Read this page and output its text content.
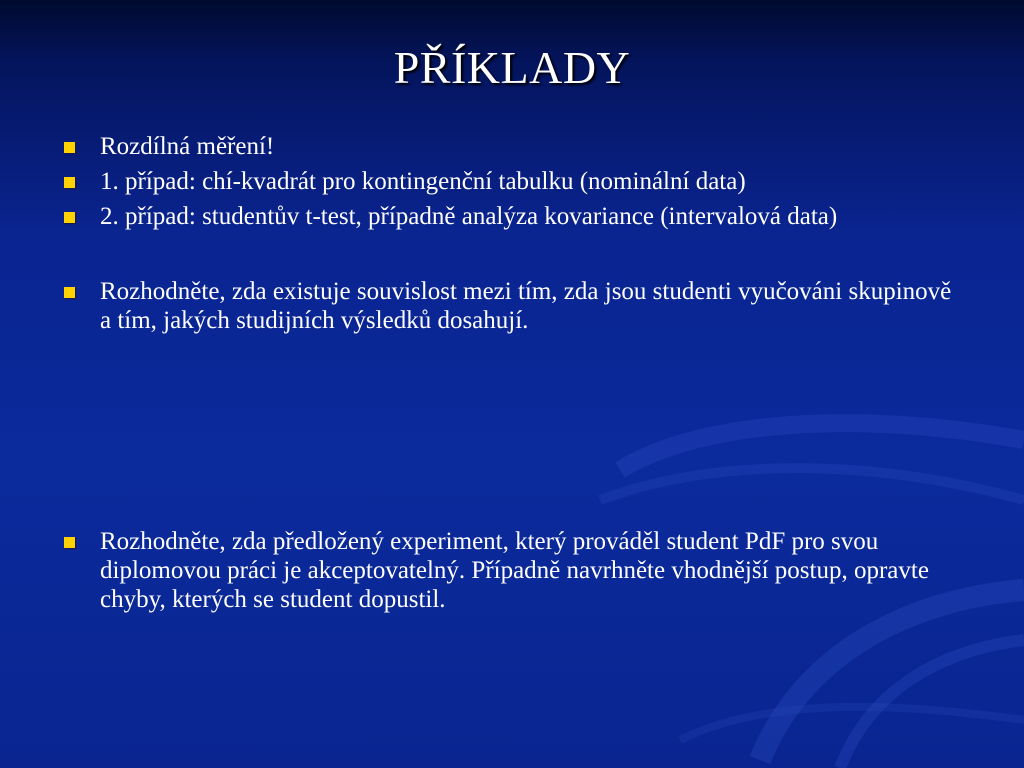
PŘÍKLADY
Rozdílná měření!
1. případ: chí-kvadrát pro kontingenční tabulku (nominální data)
2. případ: studentův t-test, případně analýza kovariance (intervalová data)
Rozhodněte, zda existuje souvislost mezi tím, zda jsou studenti vyučováni skupinově a tím, jakých studijních výsledků dosahují.
Rozhodněte, zda předložený experiment, který prováděl student PdF pro svou diplomovou práci je akceptovatelný. Případně navrhněte vhodnější postup, opravte chyby, kterých se student dopustil.
